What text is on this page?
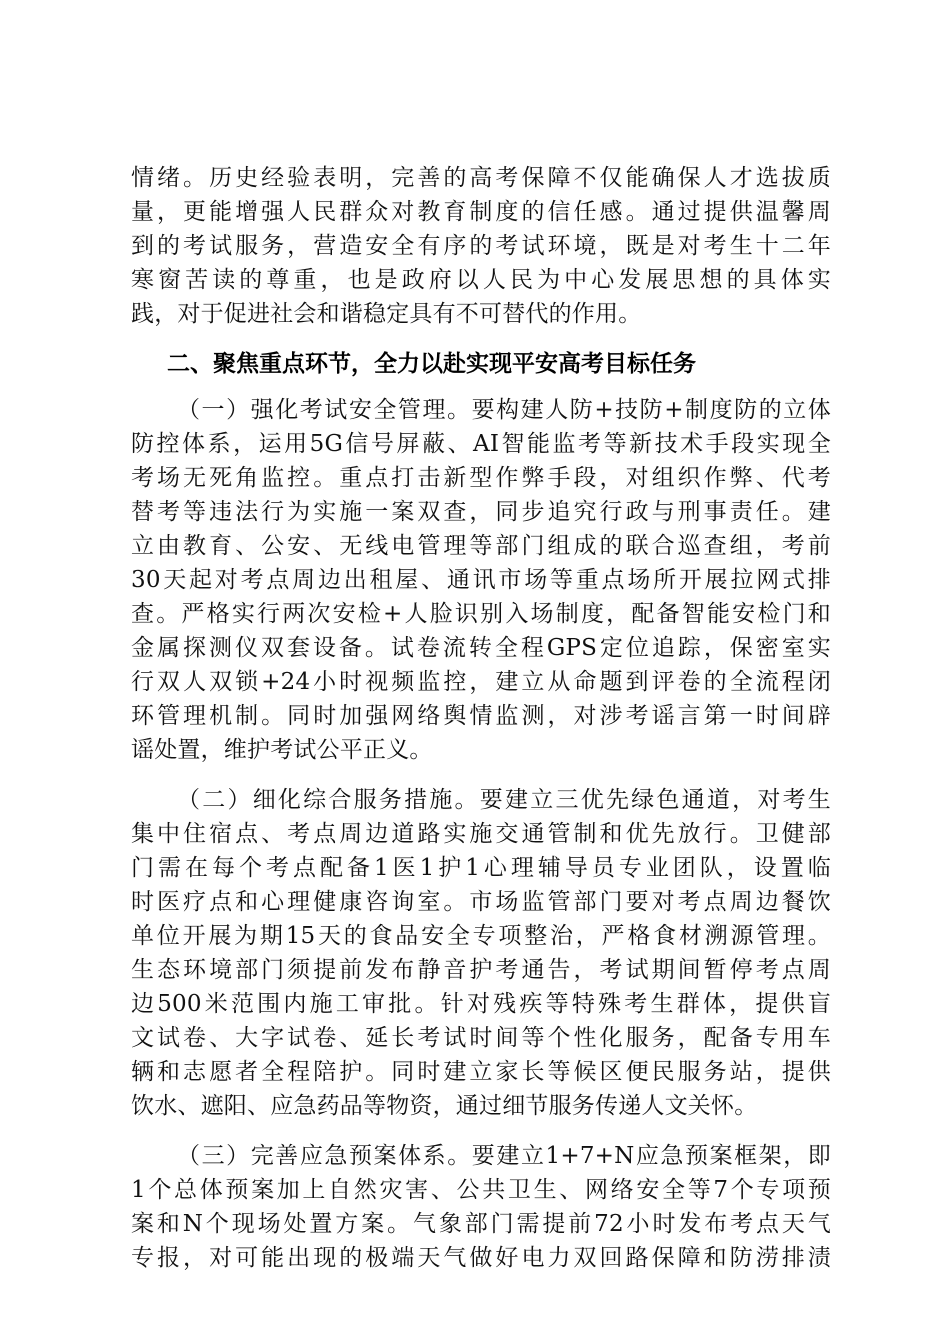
情绪。历史经验表明，完善的高考保障不仅能确保人才选拔质
量，更能增强人民群众对教育制度的信任感。通过提供温馨周
到的考试服务，营造安全有序的考试环境，既是对考生十二年
寒窗苦读的尊重，也是政府以人民为中心发展思想的具体实
践，对于促进社会和谐稳定具有不可替代的作用。
二、聚焦重点环节，全力以赴实现平安高考目标任务
（一）强化考试安全管理。要构建人防+技防+制度防的立体
防控体系，运用5G信号屏蔽、AI智能监考等新技术手段实现全
考场无死角监控。重点打击新型作弊手段，对组织作弊、代考
替考等违法行为实施一案双查，同步追究行政与刑事责任。建
立由教育、公安、无线电管理等部门组成的联合巡查组，考前
30天起对考点周边出租屋、通讯市场等重点场所开展拉网式排
查。严格实行两次安检+人脸识别入场制度，配备智能安检门和
金属探测仪双套设备。试卷流转全程GPS定位追踪，保密室实
行双人双锁+24小时视频监控，建立从命题到评卷的全流程闭
环管理机制。同时加强网络舆情监测，对涉考谣言第一时间辟
谣处置，维护考试公平正义。
（二）细化综合服务措施。要建立三优先绿色通道，对考生
集中住宿点、考点周边道路实施交通管制和优先放行。卫健部
门需在每个考点配备1医1护1心理辅导员专业团队，设置临
时医疗点和心理健康咨询室。市场监管部门要对考点周边餐饮
单位开展为期15天的食品安全专项整治，严格食材溯源管理。
生态环境部门须提前发布静音护考通告，考试期间暂停考点周
边500米范围内施工审批。针对残疾等特殊考生群体，提供盲
文试卷、大字试卷、延长考试时间等个性化服务，配备专用车
辆和志愿者全程陪护。同时建立家长等候区便民服务站，提供
饮水、遮阳、应急药品等物资，通过细节服务传递人文关怀。
（三）完善应急预案体系。要建立1+7+N应急预案框架，即
1个总体预案加上自然灾害、公共卫生、网络安全等7个专项预
案和N个现场处置方案。气象部门需提前72小时发布考点天气
专报，对可能出现的极端天气做好电力双回路保障和防涝排渍
